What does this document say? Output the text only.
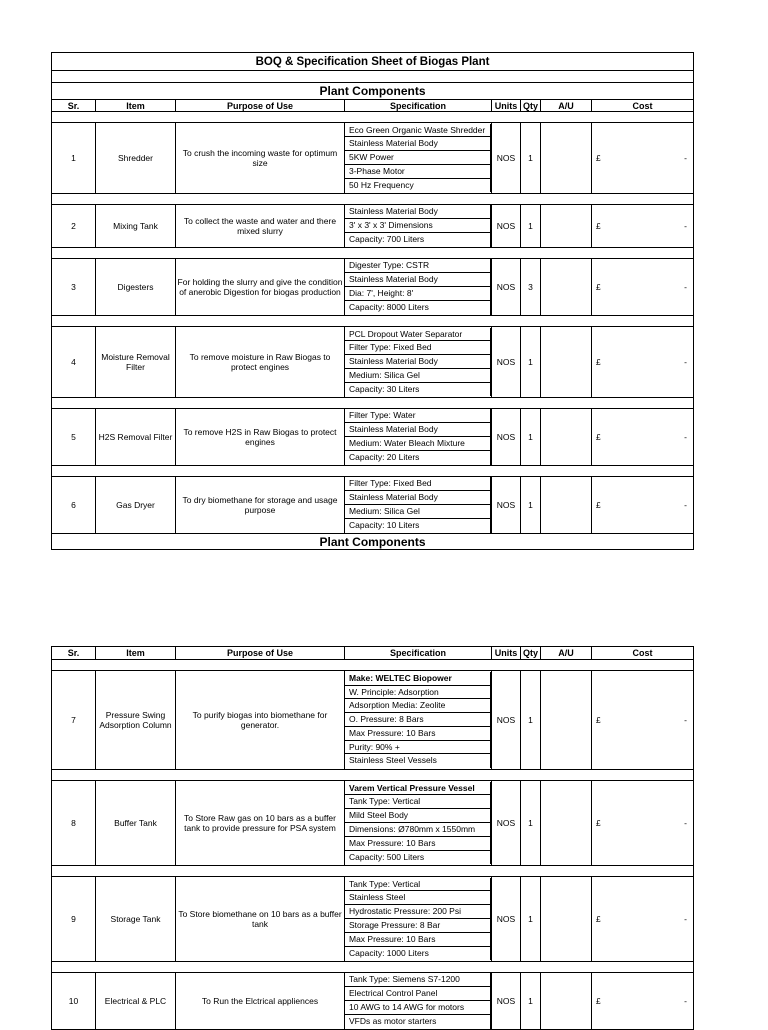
BOQ & Specification Sheet of Biogas Plant
Plant Components
Sr.	Item	Purpose of Use	Specification	Units Qty	A/U	Cost
1	Shredder	To crush the incoming waste for optimum size
Eco Green Organic Waste Shredder
Stainless Material Body
5KW Power
3-Phase Motor
50 Hz Frequency
NOS	1	£	-
2	Mixing Tank	To collect the waste and water and there mixed slurry
Stainless Material Body
3' x 3' x 3' Dimensions
Capacity: 700 Liters
NOS	1	£	-
3	Digesters	For holding the slurry and give the condition of anerobic Digestion for biogas production
Digester Type: CSTR
Stainless Material Body
Dia: 7', Height: 8'
Capacity: 8000 Liters
NOS	3	£	-
4	Moisture Removal Filter
To remove moisture in Raw Biogas to protect engines
PCL Dropout Water Separator
Filter Type: Fixed Bed
Stainless Material Body
Medium: Silica Gel
Capacity: 30 Liters
NOS	1	£	-
5	H2S Removal Filter	To remove H2S in Raw Biogas to protect engines
Filter Type: Water
Stainless Material Body
Medium: Water Bleach Mixture
Capacity: 20 Liters
NOS	1	£	-
6	Gas Dryer	To dry biomethane for storage and usage purpose
Filter Type: Fixed Bed
Stainless Material Body
Medium: Silica Gel
Capacity: 10 Liters
NOS	1	£	-
Plant Components
Sr.	Item	Purpose of Use	Specification	Units Qty	A/U	Cost
7	Pressure Swing Adsorption Column
To purify biogas into biomethane for generator.
Make: WELTEC Biopower
W. Principle: Adsorption
Adsorption Media: Zeolite
O. Pressure: 8 Bars
Max Pressure: 10 Bars
Purity: 90% +
Stainless Steel Vessels
NOS	1	£	-
8	Buffer Tank	To Store Raw gas on 10 bars as a buffer tank to provide pressure for PSA system
Varem Vertical Pressure Vessel
Tank Type: Vertical
Mild Steel Body
Dimensions: Ø780mm x 1550mm
Max Pressure: 10 Bars
Capacity: 500 Liters
NOS	1	£	-
9	Storage Tank	To Store biomethane on 10 bars as a buffer tank
Tank Type: Vertical
Stainless Steel
Hydrostatic Pressure: 200 Psi
Storage Pressure: 8 Bar
Max Pressure: 10 Bars
Capacity: 1000 Liters
NOS	1	£	-
10	Electrical & PLC	To Run the Elctrical appliences
Tank Type: Siemens S7-1200
Electrical Control Panel
10 AWG to 14 AWG for motors
VFDs as motor starters
NOS	1	£	-
